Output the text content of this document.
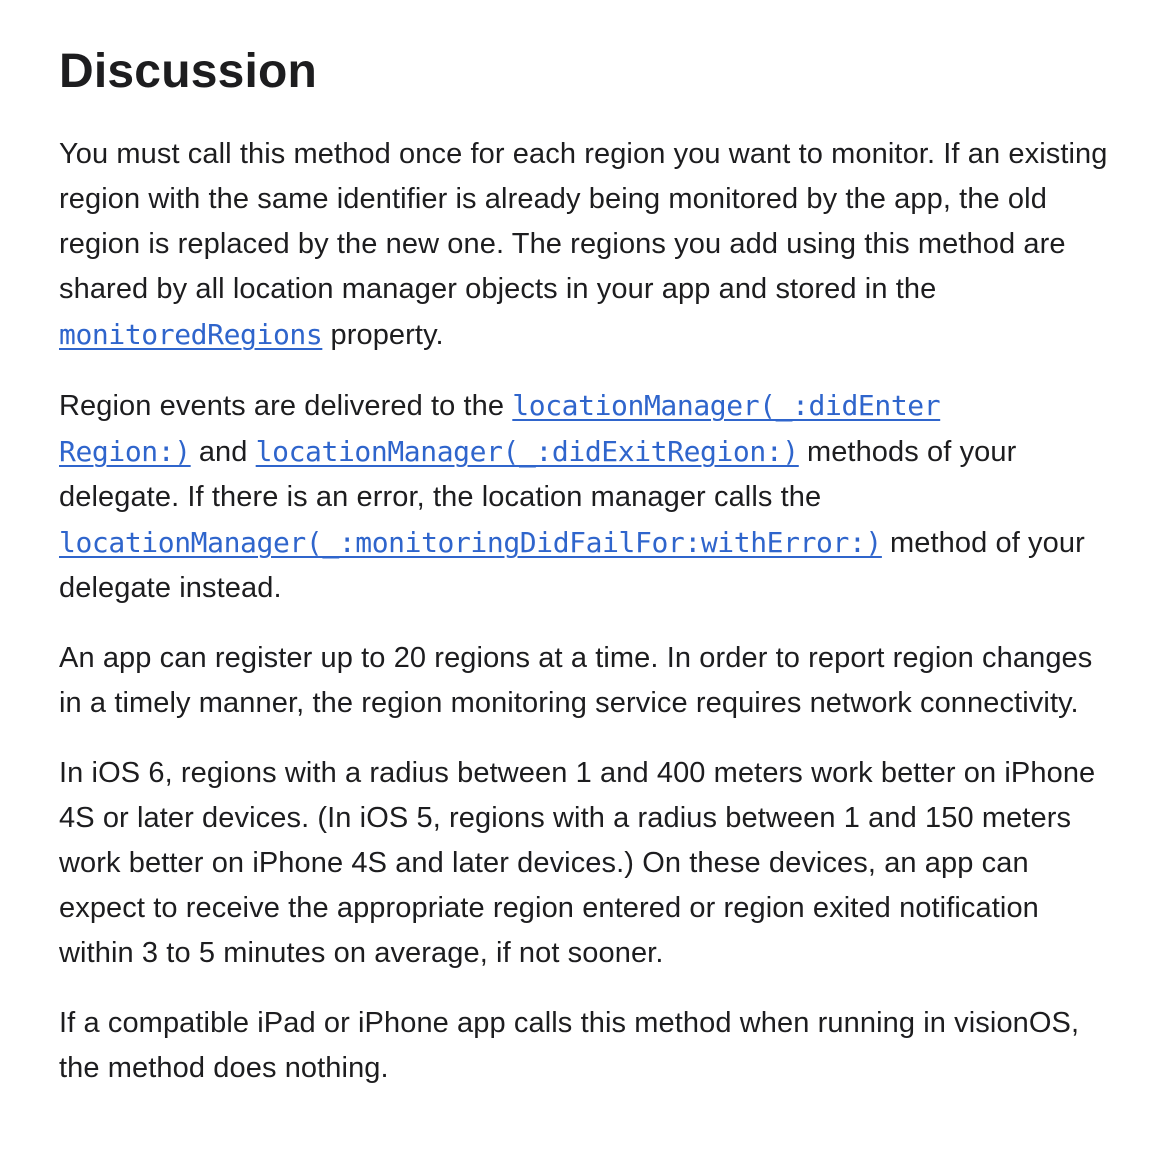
Discussion

You must call this method once for each region you want to monitor. If an existing region with the same identifier is already being monitored by the app, the old region is replaced by the new one. The regions you add using this method are shared by all location manager objects in your app and stored in the monitoredRegions property.

Region events are delivered to the locationManager(_:didEnter
Region:) and locationManager(_:didExitRegion:) methods of your delegate. If there is an error, the location manager calls the locationManager(_:monitoringDidFailFor:withError:) method of your delegate instead.

An app can register up to 20 regions at a time. In order to report region changes in a timely manner, the region monitoring service requires network connectivity.

In iOS 6, regions with a radius between 1 and 400 meters work better on iPhone 4S or later devices. (In iOS 5, regions with a radius between 1 and 150 meters work better on iPhone 4S and later devices.) On these devices, an app can expect to receive the appropriate region entered or region exited notification within 3 to 5 minutes on average, if not sooner.

If a compatible iPad or iPhone app calls this method when running in visionOS, the method does nothing.
